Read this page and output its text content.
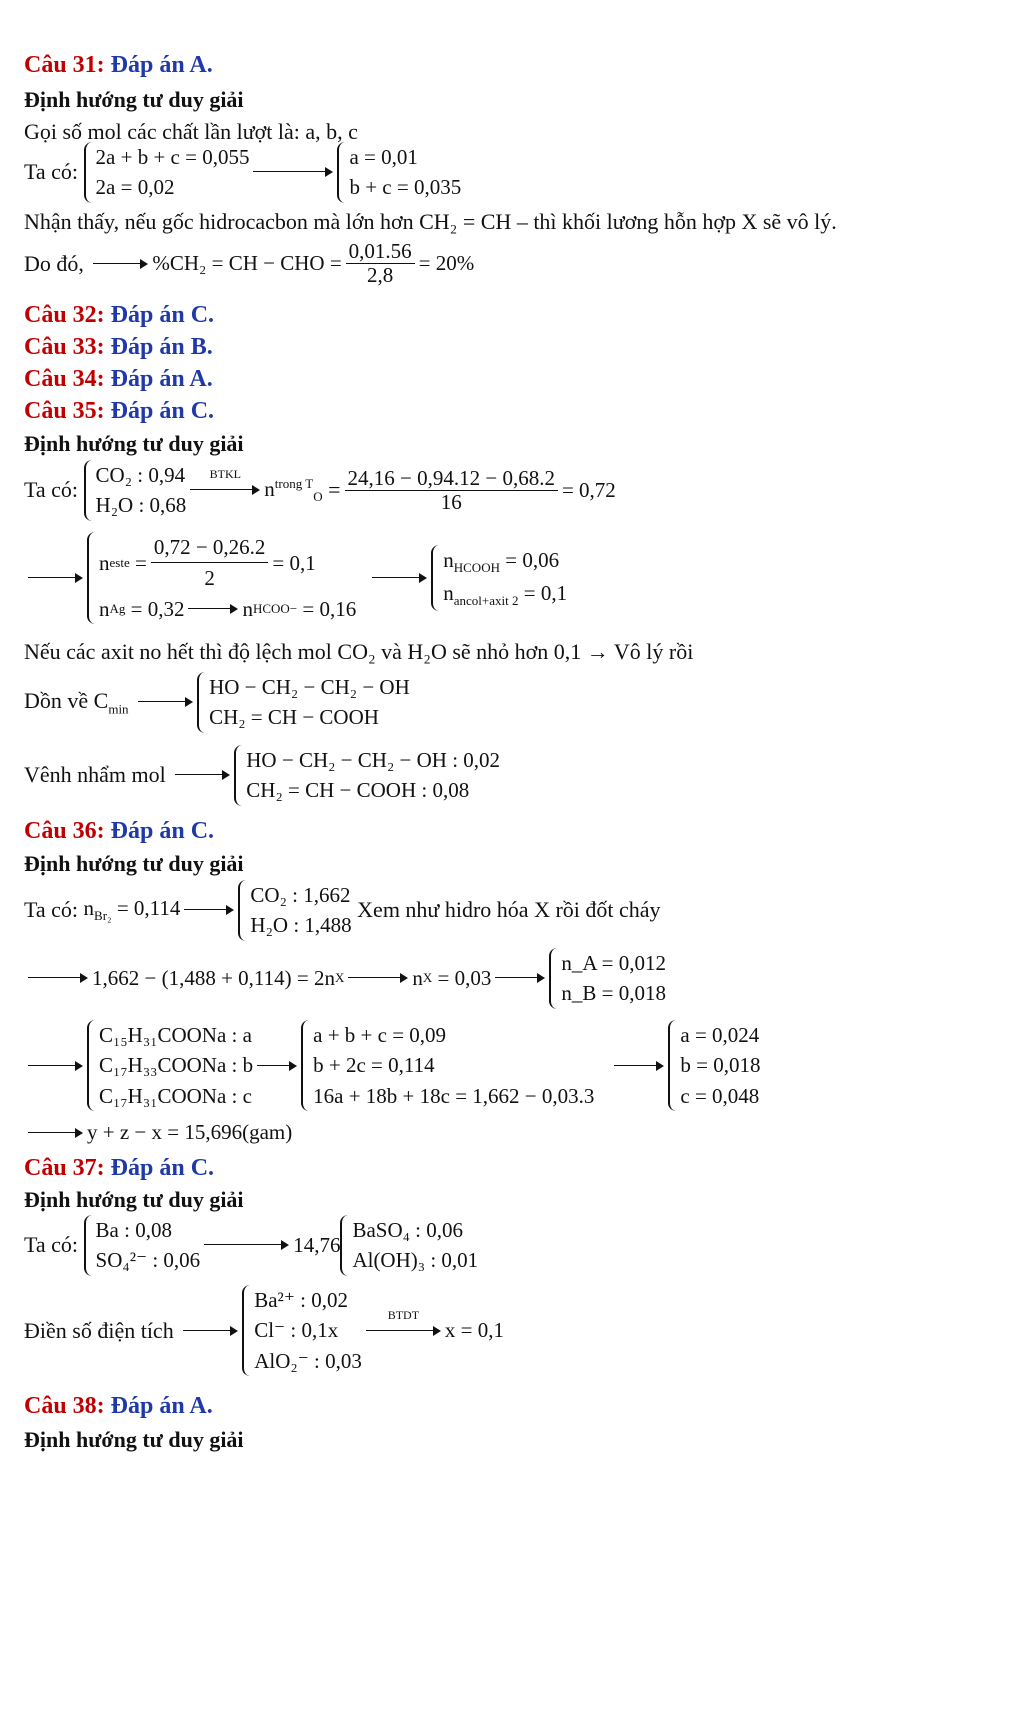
Câu 31: Đáp án A.
Định hướng tư duy giải
Gọi số mol các chất lần lượt là: a, b, c
Ta có:

2a + b + c = 0,055
2a = 0,02
a = 0,01
b + c = 0,035
Nhận thấy, nếu gốc hidrocacbon mà lớn hơn CH₂ = CH – thì khối lương hỗn hợp X sẽ vô lý.
Do đó,
	%CH₂ = CH − CHO = $\frac{0,01.56}{2,8} = 20\%$
Câu 32: Đáp án C.
Câu 33: Đáp án B.
Câu 34: Đáp án A.
Câu 35: Đáp án C.
Định hướng tư duy giải
Ta có:

CO₂ : 0,94
H₂O : 0,68
BTKL
$n^{trong T}_O = \frac{24,16 - 0,94.12 - 0,68.2}{16} = 0,72$
n este = $\frac{0,72 - 0,26.2}{2} = 0,1$
n Ag
= 0,32	n HCOO−
= 0,16
$n_{HCOOH} = 0,06$
$n_{ancol+axit 2} = 0,1$
Nếu các axit no hết thì độ lệch mol CO₂ và H₂O sẽ nhỏ hơn 0,1 → Vô lý rồi
Dồn về $C_{min}$

HO − CH₂ − CH₂ − OH
CH₂ = CH − COOH
Vênh nhẩm mol

HO − CH₂ − CH₂ − OH : 0,02
CH₂ = CH − COOH : 0,08
Câu 36: Đáp án C.
Định hướng tư duy giải
Ta có:
$n_{Br_2} = 0,114$
CO₂ : 1,662
H₂O : 1,488

Xem như hidro hóa X rồi đốt cháy
1,662 − (1,488 + 0,114) = 2n X	n X
= 0,03
n_A = 0,012
n_B = 0,018
C₁₅H₃₁COONa : a
C₁₇H₃₃COONa : b
C₁₇H₃₁COONa : c
a + b + c = 0,09
b + 2c = 0,114
16a + 18b + 18c = 1,662 − 0,03.3
a = 0,024
b = 0,018
c = 0,048
y + z − x = 15,696(gam)
Câu 37: Đáp án C.
Định hướng tư duy giải
Ta có:

Ba : 0,08
SO₄²⁻ : 0,06
14,76
BaSO₄ : 0,06
Al(OH)₃ : 0,01
Điền số điện tích

Ba²⁺ : 0,02
Cl⁻ : 0,1x
AlO₂⁻ : 0,03
BTDT
x = 0,1
Câu 38: Đáp án A.
Định hướng tư duy giải
